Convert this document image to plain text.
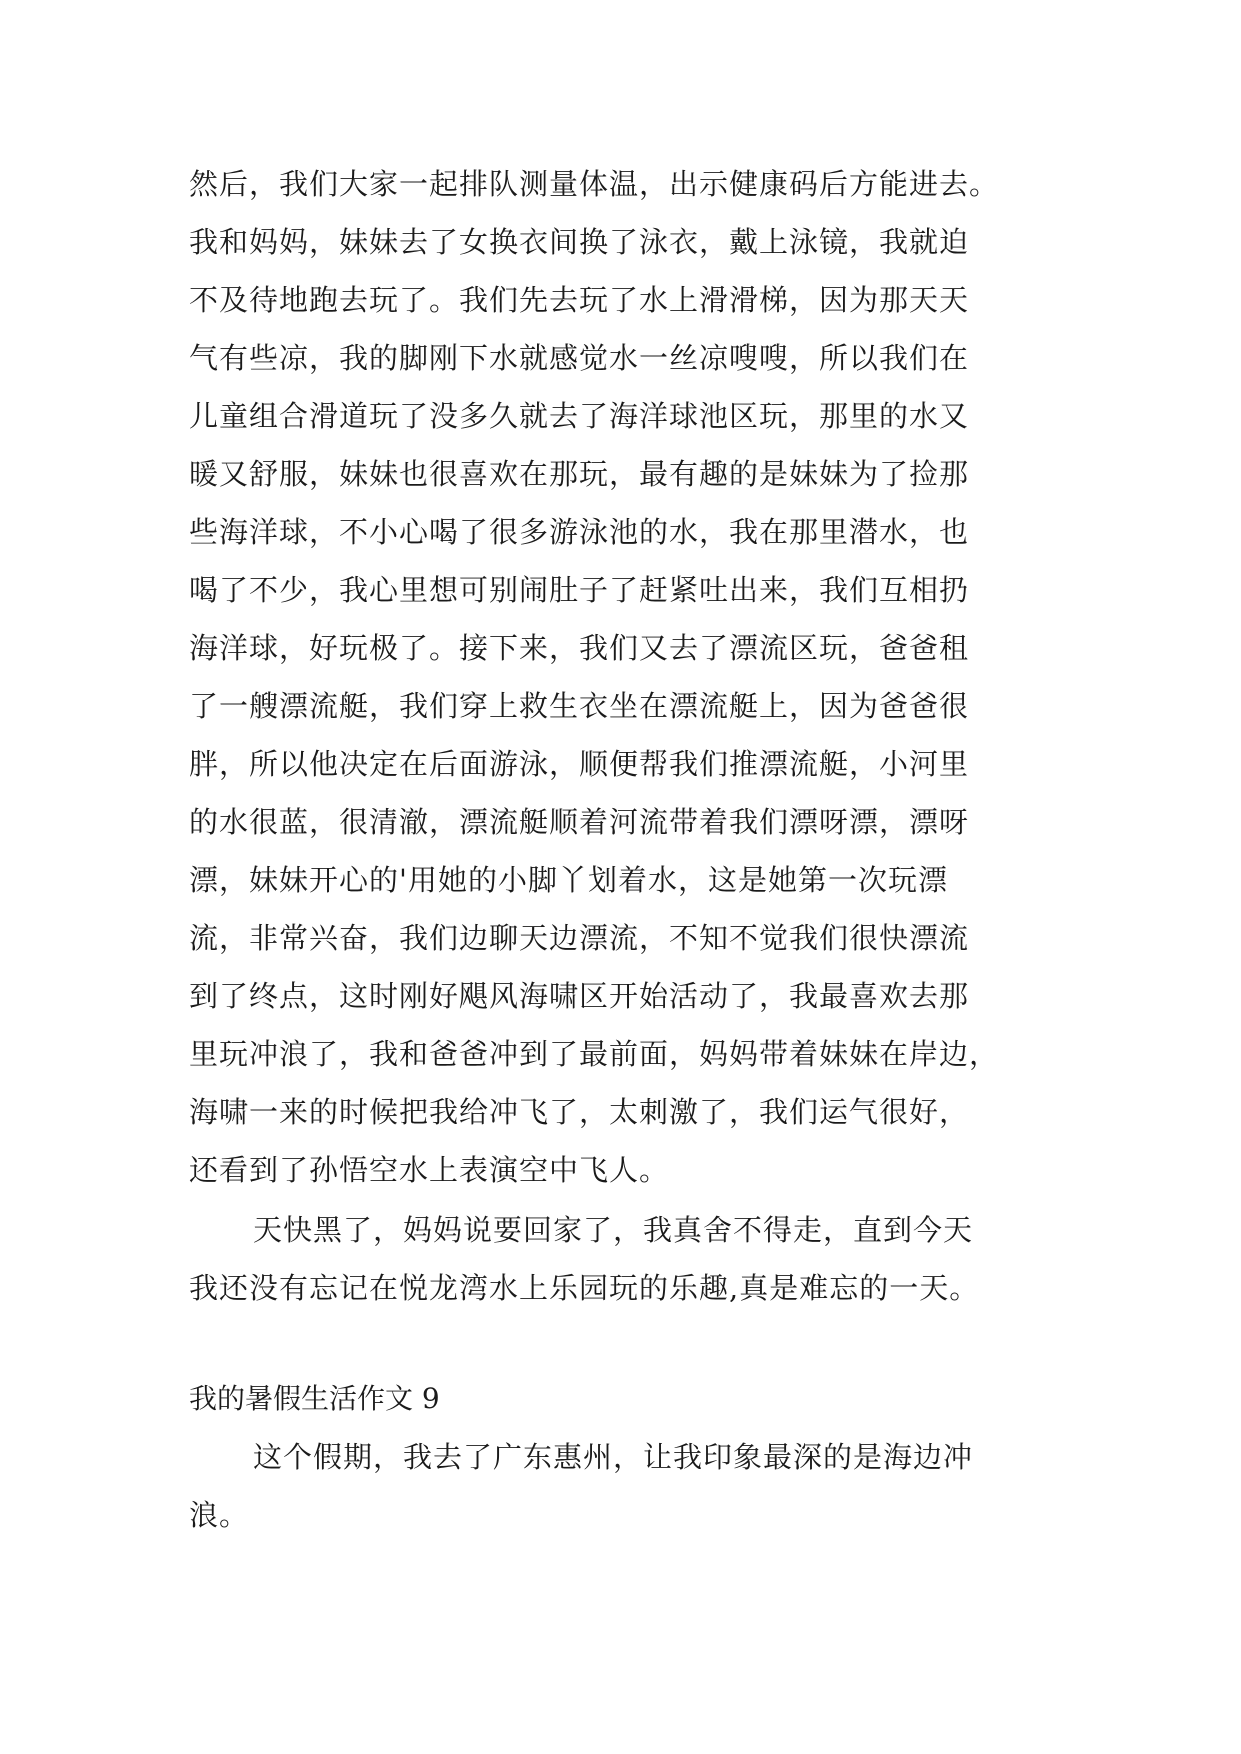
然后，我们大家一起排队测量体温，出示健康码后方能进去。
我和妈妈，妹妹去了女换衣间换了泳衣，戴上泳镜，我就迫
不及待地跑去玩了。我们先去玩了水上滑滑梯，因为那天天
气有些凉，我的脚刚下水就感觉水一丝凉嗖嗖，所以我们在
儿童组合滑道玩了没多久就去了海洋球池区玩，那里的水又
暖又舒服，妹妹也很喜欢在那玩，最有趣的是妹妹为了捡那
些海洋球，不小心喝了很多游泳池的水，我在那里潜水，也
喝了不少，我心里想可别闹肚子了赶紧吐出来，我们互相扔
海洋球，好玩极了。接下来，我们又去了漂流区玩，爸爸租
了一艘漂流艇，我们穿上救生衣坐在漂流艇上，因为爸爸很
胖，所以他决定在后面游泳，顺便帮我们推漂流艇，小河里
的水很蓝，很清澈，漂流艇顺着河流带着我们漂呀漂，漂呀
漂，妹妹开心的'用她的小脚丫划着水，这是她第一次玩漂
流，非常兴奋，我们边聊天边漂流，不知不觉我们很快漂流
到了终点，这时刚好飓风海啸区开始活动了，我最喜欢去那
里玩冲浪了，我和爸爸冲到了最前面，妈妈带着妹妹在岸边，
海啸一来的时候把我给冲飞了，太刺激了，我们运气很好，
还看到了孙悟空水上表演空中飞人。
天快黑了，妈妈说要回家了，我真舍不得走，直到今天
我还没有忘记在悦龙湾水上乐园玩的乐趣,真是难忘的一天。
我的暑假生活作文 9
这个假期，我去了广东惠州，让我印象最深的是海边冲
浪。
